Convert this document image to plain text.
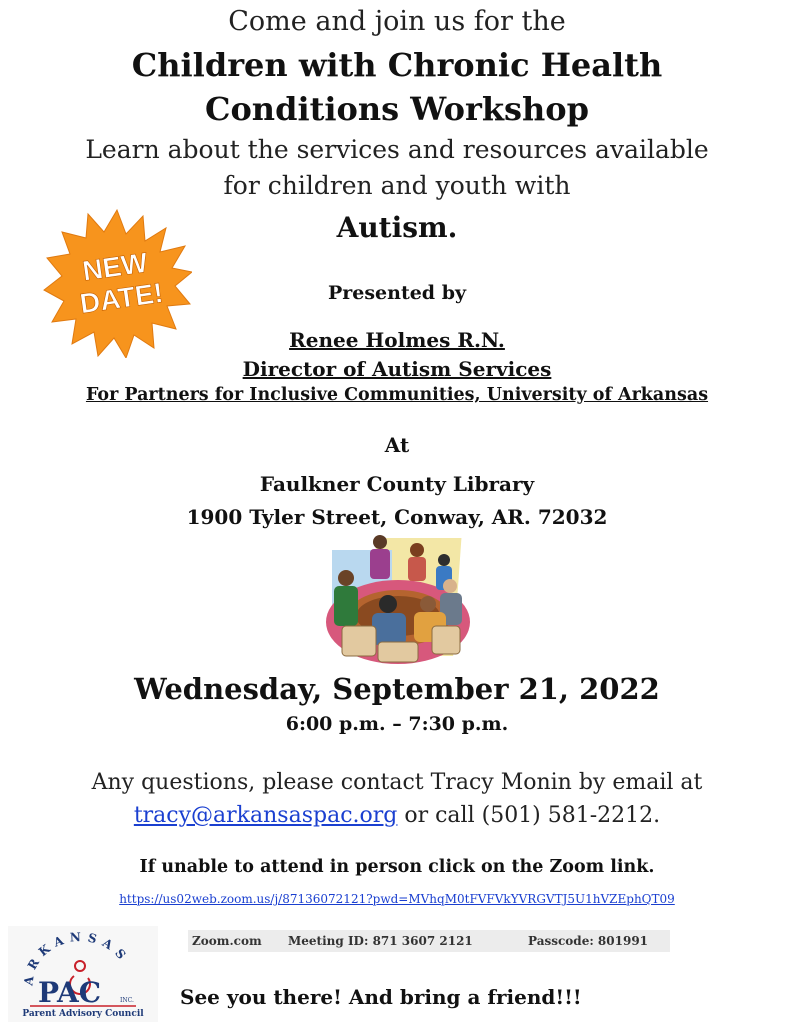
Come and join us for the
Children with Chronic Health
Conditions Workshop
Learn about the services and resources available
for children and youth with
Autism.
NEW
DATE!	Presented by
Renee Holmes R.N.
Director of Autism Services
For Partners for Inclusive Communities, University of Arkansas
At
Faulkner County Library
1900 Tyler Street, Conway, AR. 72032
Wednesday, September 21, 2022
6:00 p.m. – 7:30 p.m.
Any questions, please contact Tracy Monin by email at
tracy@arkansaspac.org or call (501) 581-2212.
If unable to attend in person click on the Zoom link.
https://us02web.zoom.us/j/87136072121?pwd=MVhqM0tFVFVkYVRGVTJ5U1hVZEphQT09
Zoom.com Meeting ID: 871 3607 2121	Passcode: 801991
ARKANSAS
PAC	INC.
Parent Advisory Council
See you there! And bring a friend!!!
